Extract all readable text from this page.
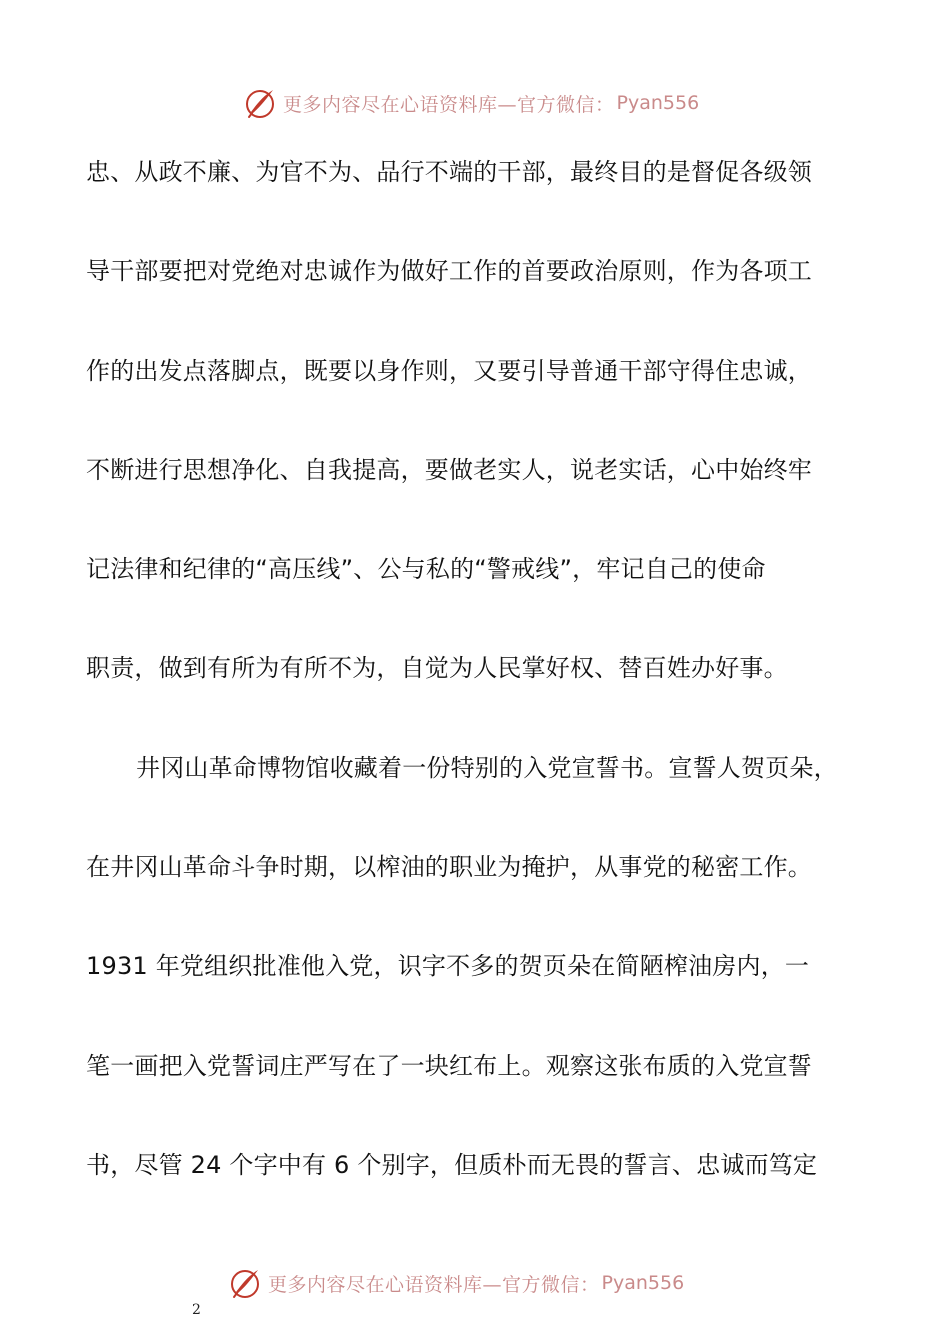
更多内容尽在心语资料库—官方微信： Pyan556
忠、从政不廉、为官不为、品行不端的干部，最终目的是督促各级领
导干部要把对党绝对忠诚作为做好工作的首要政治原则，作为各项工
作的出发点落脚点，既要以身作则，又要引导普通干部守得住忠诚，
不断进行思想净化、自我提高，要做老实人，说老实话，心中始终牢
记法律和纪律的“高压线”、公与私的“警戒线”，牢记自己的使命
职责，做到有所为有所不为，自觉为人民掌好权、替百姓办好事。
井冈山革命博物馆收藏着一份特别的入党宣誓书。宣誓人贺页朵，
在井冈山革命斗争时期，以榨油的职业为掩护，从事党的秘密工作。
1931 年党组织批准他入党，识字不多的贺页朵在简陋榨油房内，一
笔一画把入党誓词庄严写在了一块红布上。观察这张布质的入党宣誓
书，尽管 24 个字中有 6 个别字，但质朴而无畏的誓言、忠诚而笃定
更多内容尽在心语资料库—官方微信： Pyan556
2
